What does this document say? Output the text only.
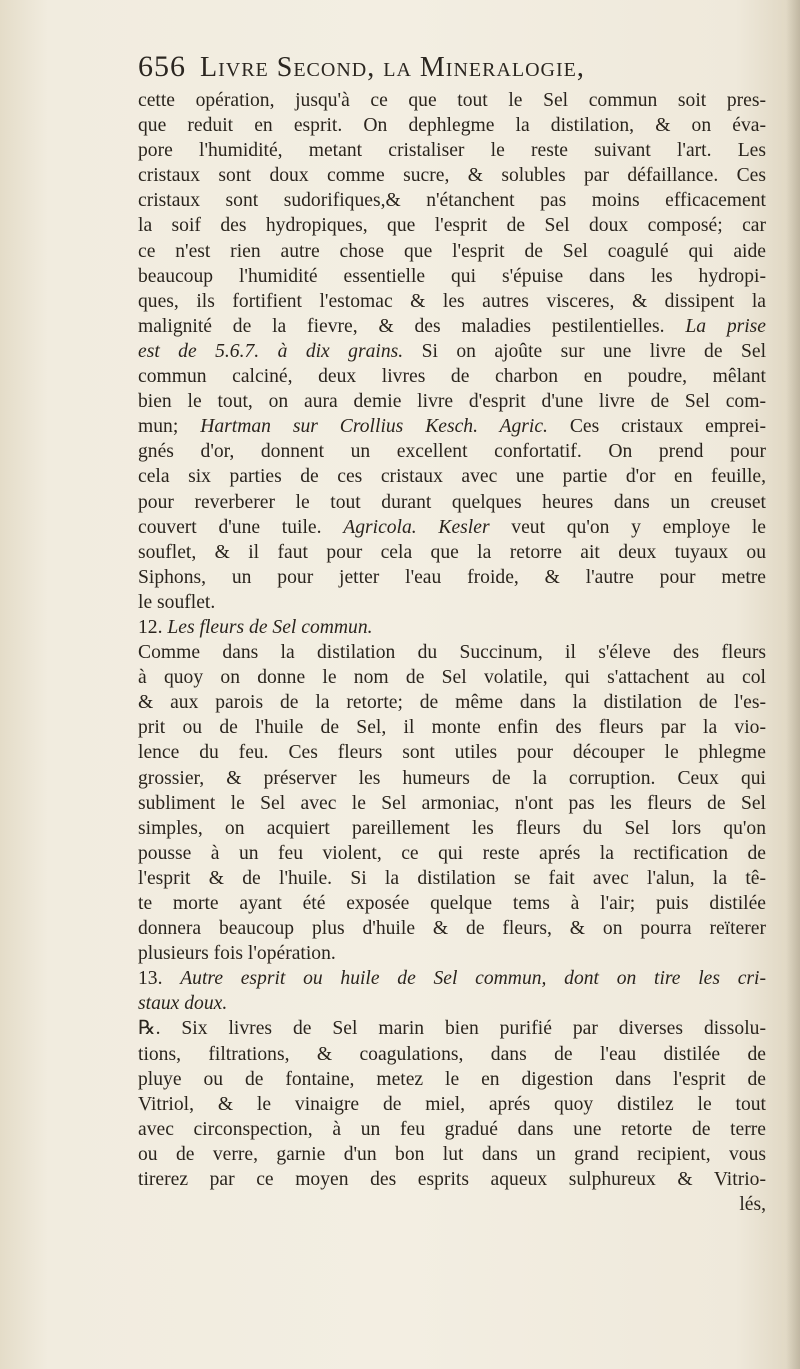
656 Livre Second, la Mineralogie,
cette opération, jusqu'à ce que tout le Sel commun soit pres-
que reduit en esprit. On dephlegme la distilation, & on éva-
pore l'humidité, metant cristaliser le reste suivant l'art. Les
cristaux sont doux comme sucre, & solubles par défaillance. Ces
cristaux sont sudorifiques,& n'étanchent pas moins efficacement
la soif des hydropiques, que l'esprit de Sel doux composé; car
ce n'est rien autre chose que l'esprit de Sel coagulé qui aide
beaucoup l'humidité essentielle qui s'épuise dans les hydropi-
ques, ils fortifient l'estomac & les autres visceres, & dissipent la
malignité de la fievre, & des maladies pestilentielles. La prise
est de 5.6.7. à dix grains. Si on ajoûte sur une livre de Sel
commun calciné, deux livres de charbon en poudre, mêlant
bien le tout, on aura demie livre d'esprit d'une livre de Sel com-
mun; Hartman sur Crollius Kesch. Agric. Ces cristaux emprei-
gnés d'or, donnent un excellent confortatif. On prend pour
cela six parties de ces cristaux avec une partie d'or en feuille,
pour reverberer le tout durant quelques heures dans un creuset
couvert d'une tuile. Agricola. Kesler veut qu'on y employe le
souflet, & il faut pour cela que la retorre ait deux tuyaux ou
Siphons, un pour jetter l'eau froide, & l'autre pour metre
le souflet.
12. Les fleurs de Sel commun.
Comme dans la distilation du Succinum, il s'éleve des fleurs
à quoy on donne le nom de Sel volatile, qui s'attachent au col
& aux parois de la retorte; de même dans la distilation de l'es-
prit ou de l'huile de Sel, il monte enfin des fleurs par la vio-
lence du feu. Ces fleurs sont utiles pour découper le phlegme
grossier, & préserver les humeurs de la corruption. Ceux qui
subliment le Sel avec le Sel armoniac, n'ont pas les fleurs de Sel
simples, on acquiert pareillement les fleurs du Sel lors qu'on
pousse à un feu violent, ce qui reste aprés la rectification de
l'esprit & de l'huile. Si la distilation se fait avec l'alun, la tê-
te morte ayant été exposée quelque tems à l'air; puis distilée
donnera beaucoup plus d'huile & de fleurs, & on pourra reïterer
plusieurs fois l'opération.
13. Autre esprit ou huile de Sel commun, dont on tire les cri-
staux doux.
℞. Six livres de Sel marin bien purifié par diverses dissolu-
tions, filtrations, & coagulations, dans de l'eau distilée de
pluye ou de fontaine, metez le en digestion dans l'esprit de
Vitriol, & le vinaigre de miel, aprés quoy distilez le tout
avec circonspection, à un feu gradué dans une retorte de terre
ou de verre, garnie d'un bon lut dans un grand recipient, vous
tirerez par ce moyen des esprits aqueux sulphureux & Vitrio-
lés,
